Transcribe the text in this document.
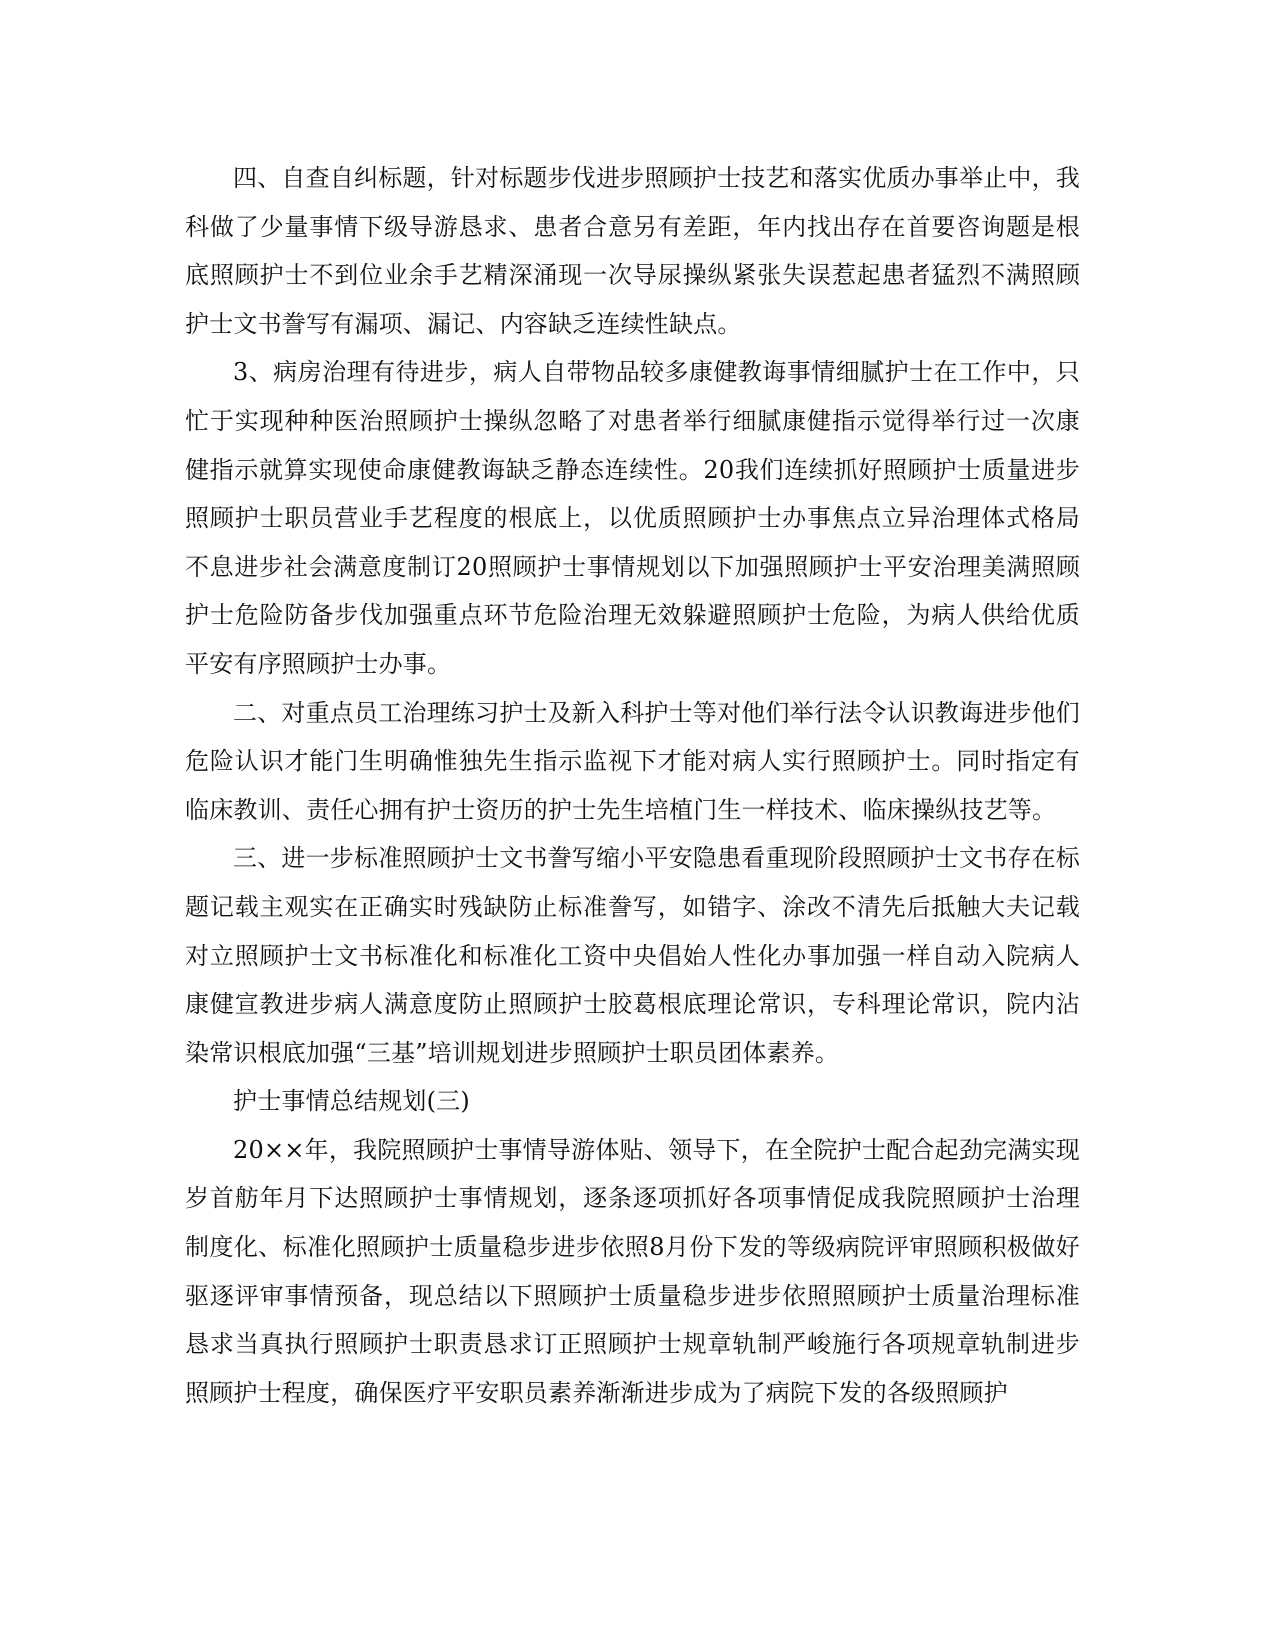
四、自查自纠标题，针对标题步伐进步照顾护士技艺和落实优质办事举止中，我科做了少量事情下级导游恳求、患者合意另有差距，年内找出存在首要咨询题是根底照顾护士不到位业余手艺精深涌现一次导尿操纵紧张失误惹起患者猛烈不满照顾护士文书誊写有漏项、漏记、内容缺乏连续性缺点。

3、病房治理有待进步，病人自带物品较多康健教诲事情细腻护士在工作中，只忙于实现种种医治照顾护士操纵忽略了对患者举行细腻康健指示觉得举行过一次康健指示就算实现使命康健教诲缺乏静态连续性。20我们连续抓好照顾护士质量进步照顾护士职员营业手艺程度的根底上，以优质照顾护士办事焦点立异治理体式格局不息进步社会满意度制订20照顾护士事情规划以下加强照顾护士平安治理美满照顾护士危险防备步伐加强重点环节危险治理无效躲避照顾护士危险，为病人供给优质平安有序照顾护士办事。

二、对重点员工治理练习护士及新入科护士等对他们举行法令认识教诲进步他们危险认识才能门生明确惟独先生指示监视下才能对病人实行照顾护士。同时指定有临床教训、责任心拥有护士资历的护士先生培植门生一样技术、临床操纵技艺等。

三、进一步标准照顾护士文书誊写缩小平安隐患看重现阶段照顾护士文书存在标题记载主观实在正确实时残缺防止标准誊写，如错字、涂改不清先后抵触大夫记载对立照顾护士文书标准化和标准化工资中央倡始人性化办事加强一样自动入院病人康健宣教进步病人满意度防止照顾护士胶葛根底理论常识，专科理论常识，院内沾染常识根底加强“三基”培训规划进步照顾护士职员团体素养。

护士事情总结规划(三)

20××年，我院照顾护士事情导游体贴、领导下，在全院护士配合起劲完满实现岁首舫年月下达照顾护士事情规划，逐条逐项抓好各项事情促成我院照顾护士治理制度化、标准化照顾护士质量稳步进步依照8月份下发的等级病院评审照顾积极做好驱逐评审事情预备，现总结以下照顾护士质量稳步进步依照照顾护士质量治理标准恳求当真执行照顾护士职责恳求订正照顾护士规章轨制严峻施行各项规章轨制进步照顾护士程度，确保医疗平安职员素养渐渐进步成为了病院下发的各级照顾护
